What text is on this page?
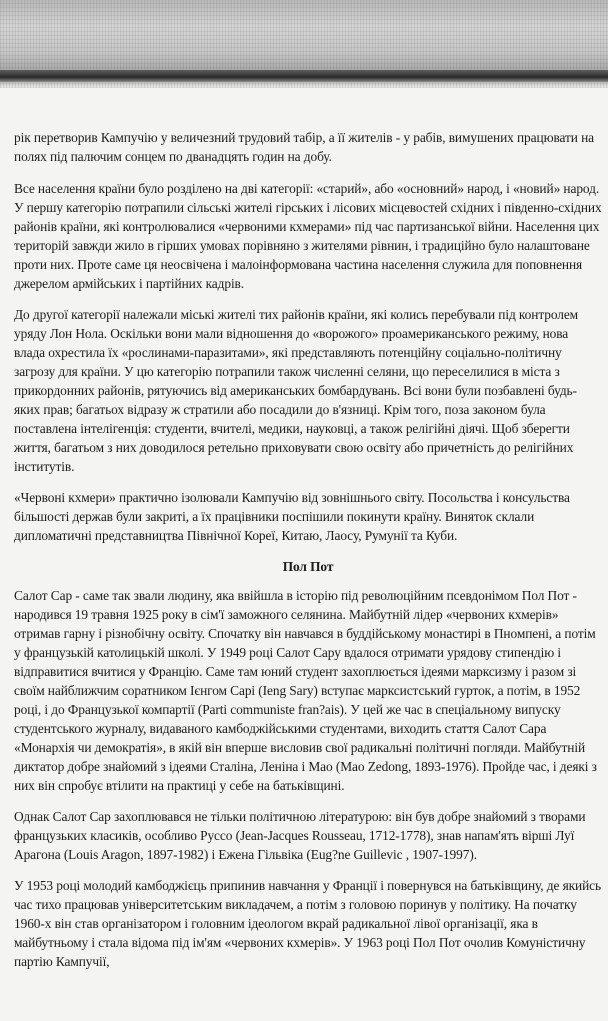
рік перетворив Кампучію у величезний трудовий табір, а її жителів - у рабів, вимушених працювати на полях під палючим сонцем по дванадцять годин на добу.

Все населення країни було розділено на дві категорії: «старий», або «основний» народ, і «новий» народ. У першу категорію потрапили сільські жителі гірських і лісових місцевостей східних і південно-східних районів країни, які контролювалися «червоними кхмерами» під час партизанської війни. Населення цих територій завжди жило в гірших умовах порівняно з жителями рівнин, і традиційно було налаштоване проти них. Проте саме ця неосвічена і малоінформована частина населення служила для поповнення джерелом армійських і партійних кадрів.

До другої категорії належали міські жителі тих районів країни, які колись перебували під контролем уряду Лон Нола. Оскільки вони мали відношення до «ворожого» проамериканського режиму, нова влада охрестила їх «рослинами-паразитами», які представляють потенційну соціально-політичну загрозу для країни. У цю категорію потрапили також численні селяни, що переселилися в міста з прикордонних районів, рятуючись від американських бомбардувань. Всі вони були позбавлені будь-яких прав; багатьох відразу ж стратили або посадили до в'язниці. Крім того, поза законом була поставлена інтелігенція: студенти, вчителі, медики, науковці, а також релігійні діячі. Щоб зберегти життя, багатьом з них доводилося ретельно приховувати свою освіту або причетність до релігійних інститутів.

«Червоні кхмери» практично ізолювали Кампучію від зовнішнього світу. Посольства і консульства більшості держав були закриті, а їх працівники поспішили покинути країну. Виняток склали дипломатичні представництва Північної Кореї, Китаю, Лаосу, Румунії та Куби.

Пол Пот

Салот Сар - саме так звали людину, яка ввійшла в історію під революційним псевдонімом Пол Пот - народився 19 травня 1925 року в сім'ї заможного селянина. Майбутній лідер «червоних кхмерів» отримав гарну і різнобічну освіту. Спочатку він навчався в буддійському монастирі в Пномпені, а потім у французькій католицькій школі. У 1949 році Салот Сару вдалося отримати урядову стипендію і відправитися вчитися у Францію. Саме там юний студент захоплюється ідеями марксизму і разом зі своїм найближчим соратником Ієнгом Сарі (Ieng Sary) вступає марксистський гурток, а потім, в 1952 році, і до Французької компартії (Parti communiste fran?ais). У цей же час в спеціальному випуску студентського журналу, видаваного камбоджійськими студентами, виходить стаття Салот Сара «Монархія чи демократія», в якій він вперше висловив свої радикальні політичні погляди. Майбутній диктатор добре знайомий з ідеями Сталіна, Леніна і Мао (Mao Zedong, 1893-1976). Пройде час, і деякі з них він спробує втілити на практиці у себе на батьківщині.

Однак Салот Сар захоплювався не тільки політичною літературою: він був добре знайомий з творами французьких класиків, особливо Руссо (Jean-Jacques Rousseau, 1712-1778), знав напам'ять вірші Луї Арагона (Louis Aragon, 1897-1982) і Ежена Гільвіка (Eug?ne Guillevic , 1907-1997).

У 1953 році молодий камбоджієць припинив навчання у Франції і повернувся на батьківщину, де якийсь час тихо працював університетським викладачем, а потім з головою поринув у політику. На початку 1960-х він став організатором і головним ідеологом вкрай радикальної лівої організації, яка в майбутньому і стала відома під ім'ям «червоних кхмерів». У 1963 році Пол Пот очолив Комуністичну партію Кампучії,
